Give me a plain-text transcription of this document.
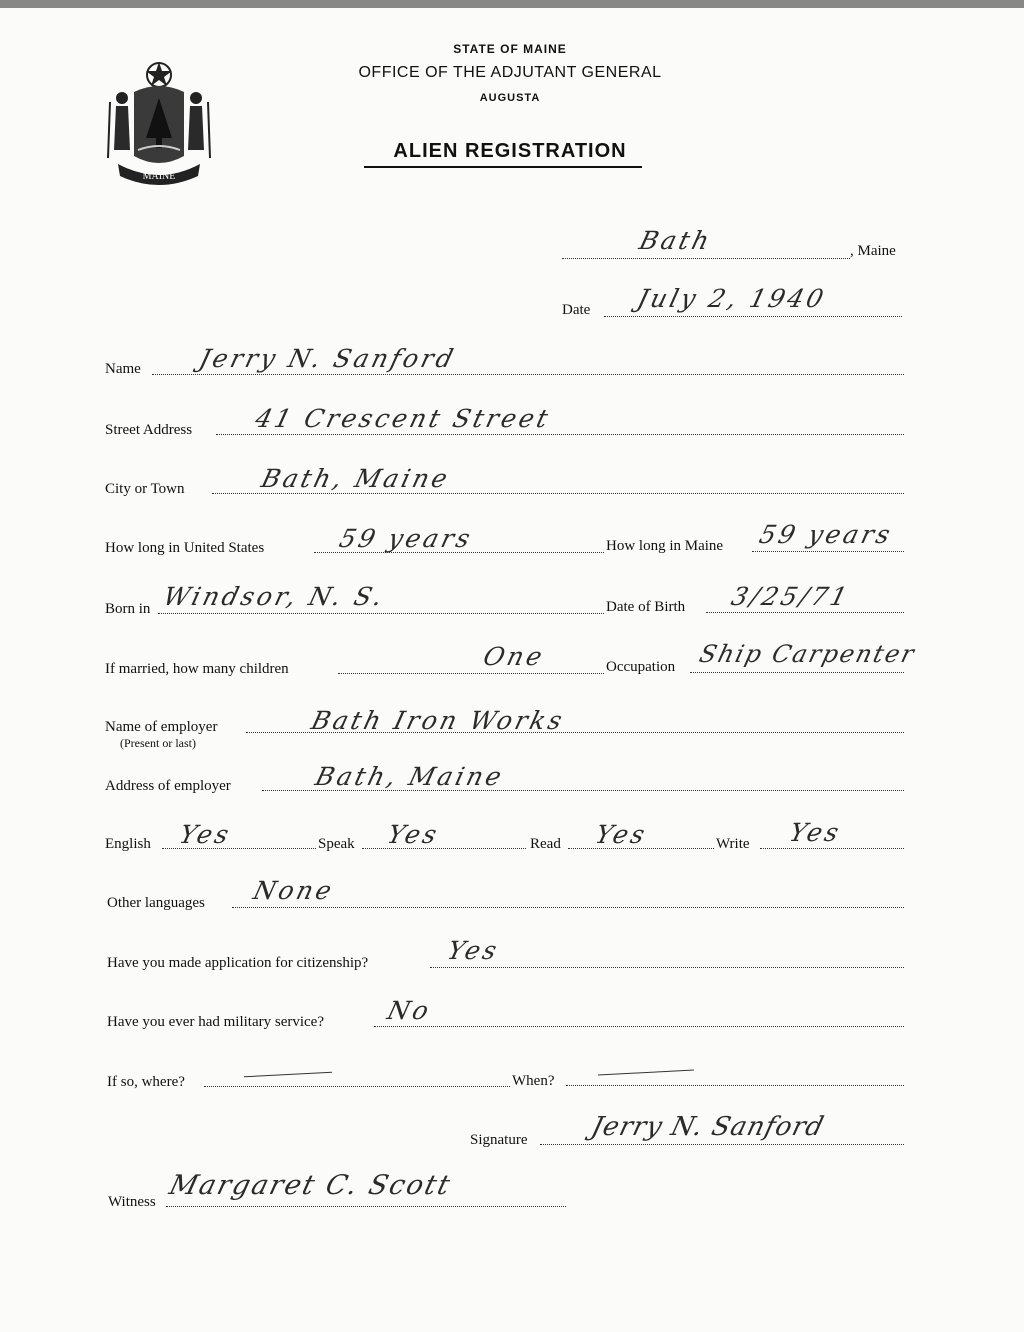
MAINE
STATE OF MAINE
OFFICE OF THE ADJUTANT GENERAL
AUGUSTA
ALIEN REGISTRATION
Bath	, Maine
Date July 2, 1940
Name Jerry N. Sanford
Street Address 41 Crescent Street
City or Town	Bath, Maine
How long in United States	59 years	How long in Maine 59 years
Born in Windsor, N. S.	Date of Birth 3/25/71
If married, how many children	One	Occupation Ship Carpenter
Name of employer
(Present or last)
Bath Iron Works
Address of employer	Bath, Maine
English Yes	Speak Yes	Read Yes	Write Yes
Other languages None
Have you made application for citizenship?	Yes
Have you ever had military service? No
If so, where?	When?
Signature Jerry N. Sanford
Witness
Margaret C. Scott
